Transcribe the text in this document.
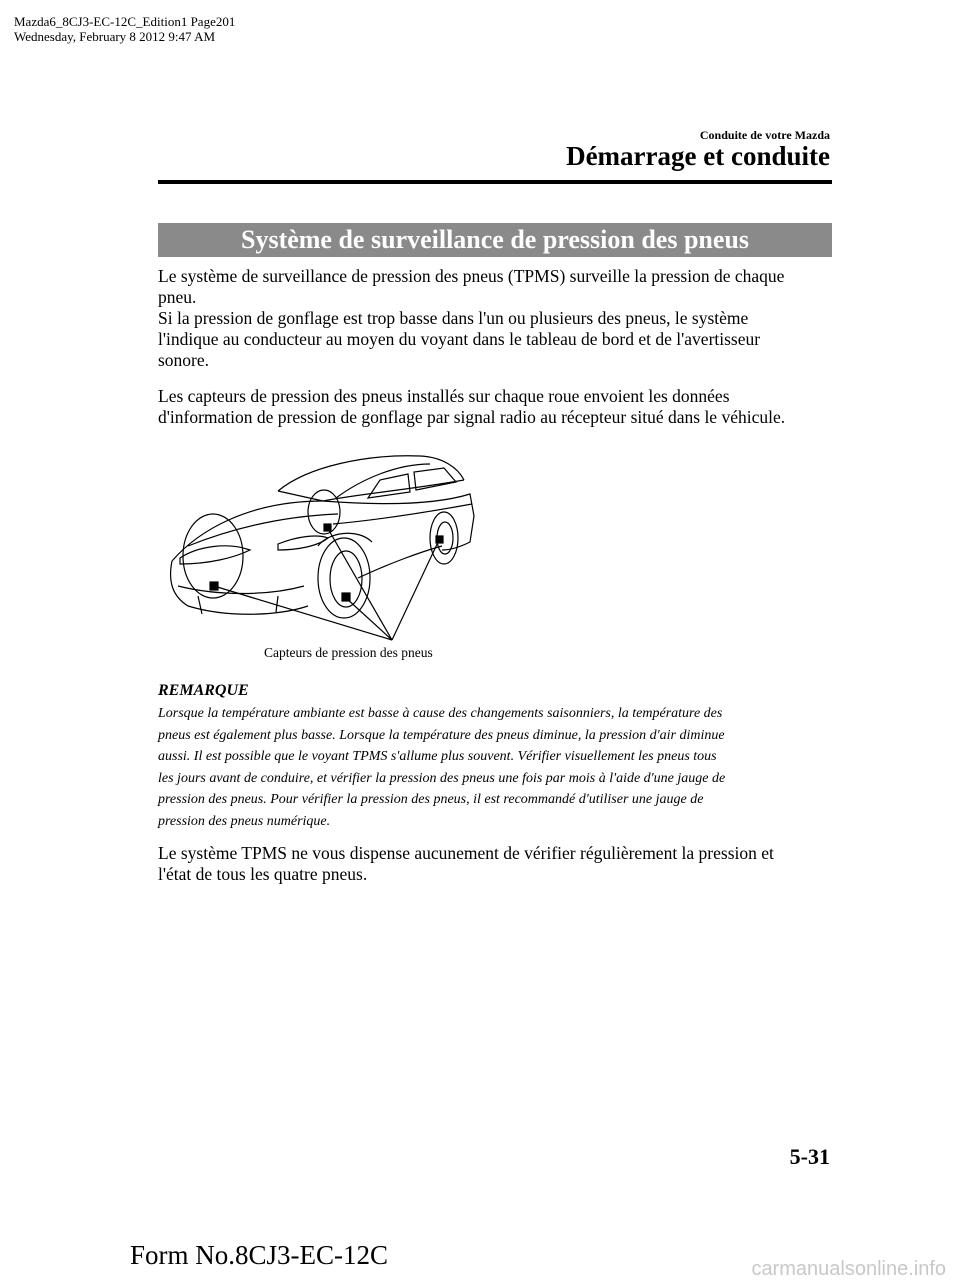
Mazda6_8CJ3-EC-12C_Edition1 Page201
Wednesday, February 8 2012 9:47 AM
Conduite de votre Mazda
Démarrage et conduite
Système de surveillance de pression des pneus

Le système de surveillance de pression des pneus (TPMS) surveille la pression de chaque

pneu.

Si la pression de gonflage est trop basse dans l'un ou plusieurs des pneus, le système

l'indique au conducteur au moyen du voyant dans le tableau de bord et de l'avertisseur

sonore.

Les capteurs de pression des pneus installés sur chaque roue envoient les données

d'information de pression de gonflage par signal radio au récepteur situé dans le véhicule.

Capteurs de pression des pneus
REMARQUE

Lorsque la température ambiante est basse à cause des changements saisonniers, la température des

pneus est également plus basse. Lorsque la température des pneus diminue, la pression d'air diminue

aussi. Il est possible que le voyant TPMS s'allume plus souvent. Vérifier visuellement les pneus tous

les jours avant de conduire, et vérifier la pression des pneus une fois par mois à l'aide d'une jauge de

pression des pneus. Pour vérifier la pression des pneus, il est recommandé d'utiliser une jauge de

pression des pneus numérique.

Le système TPMS ne vous dispense aucunement de vérifier régulièrement la pression et

l'état de tous les quatre pneus.

5-31
Form No.8CJ3-EC-12C	carmanualsonline.info
